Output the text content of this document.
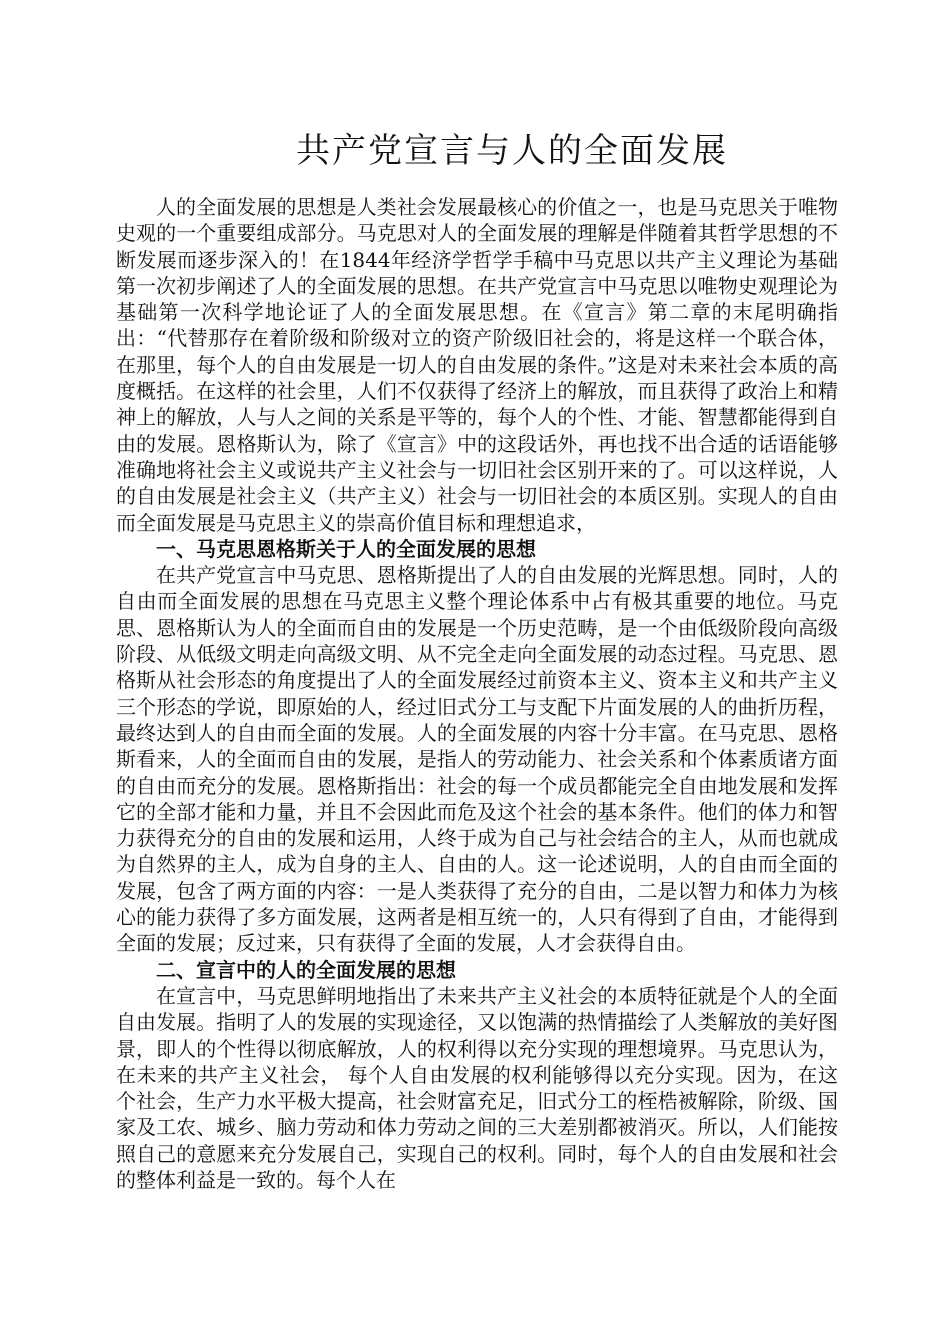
共产党宣言与人的全面发展

人的全面发展的思想是人类社会发展最核心的价值之一，也是马克思关于唯物史观的一个重要组成部分。马克思对人的全面发展的理解是伴随着其哲学思想的不断发展而逐步深入的！在1844年经济学哲学手稿中马克思以共产主义理论为基础第一次初步阐述了人的全面发展的思想。在共产党宣言中马克思以唯物史观理论为基础第一次科学地论证了人的全面发展思想。在《宣言》第二章的末尾明确指出：“代替那存在着阶级和阶级对立的资产阶级旧社会的，将是这样一个联合体，在那里，每个人的自由发展是一切人的自由发展的条件。”这是对未来社会本质的高度概括。在这样的社会里，人们不仅获得了经济上的解放，而且获得了政治上和精神上的解放，人与人之间的关系是平等的，每个人的个性、才能、智慧都能得到自由的发展。恩格斯认为，除了《宣言》中的这段话外，再也找不出合适的话语能够准确地将社会主义或说共产主义社会与一切旧社会区别开来的了。可以这样说，人的自由发展是社会主义（共产主义）社会与一切旧社会的本质区别。实现人的自由而全面发展是马克思主义的崇高价值目标和理想追求，

一、马克思恩格斯关于人的全面发展的思想

在共产党宣言中马克思、恩格斯提出了人的自由发展的光辉思想。同时，人的自由而全面发展的思想在马克思主义整个理论体系中占有极其重要的地位。马克思、恩格斯认为人的全面而自由的发展是一个历史范畴，是一个由低级阶段向高级阶段、从低级文明走向高级文明、从不完全走向全面发展的动态过程。马克思、恩格斯从社会形态的角度提出了人的全面发展经过前资本主义、资本主义和共产主义三个形态的学说，即原始的人，经过旧式分工与支配下片面发展的人的曲折历程，最终达到人的自由而全面的发展。人的全面发展的内容十分丰富。在马克思、恩格斯看来，人的全面而自由的发展，是指人的劳动能力、社会关系和个体素质诸方面的自由而充分的发展。恩格斯指出：社会的每一个成员都能完全自由地发展和发挥它的全部才能和力量，并且不会因此而危及这个社会的基本条件。他们的体力和智力获得充分的自由的发展和运用，人终于成为自己与社会结合的主人，从而也就成为自然界的主人，成为自身的主人、自由的人。这一论述说明，人的自由而全面的发展，包含了两方面的内容：一是人类获得了充分的自由，二是以智力和体力为核心的能力获得了多方面发展，这两者是相互统一的，人只有得到了自由，才能得到全面的发展；反过来，只有获得了全面的发展，人才会获得自由。

二、宣言中的人的全面发展的思想

在宣言中，马克思鲜明地指出了未来共产主义社会的本质特征就是个人的全面自由发展。指明了人的发展的实现途径，又以饱满的热情描绘了人类解放的美好图景，即人的个性得以彻底解放，人的权利得以充分实现的理想境界。马克思认为，在未来的共产主义社会， 每个人自由发展的权利能够得以充分实现。因为，在这个社会，生产力水平极大提高，社会财富充足，旧式分工的桎梏被解除，阶级、国家及工农、城乡、脑力劳动和体力劳动之间的三大差别都被消灭。所以，人们能按照自己的意愿来充分发展自己，实现自己的权利。同时，每个人的自由发展和社会的整体利益是一致的。每个人在
